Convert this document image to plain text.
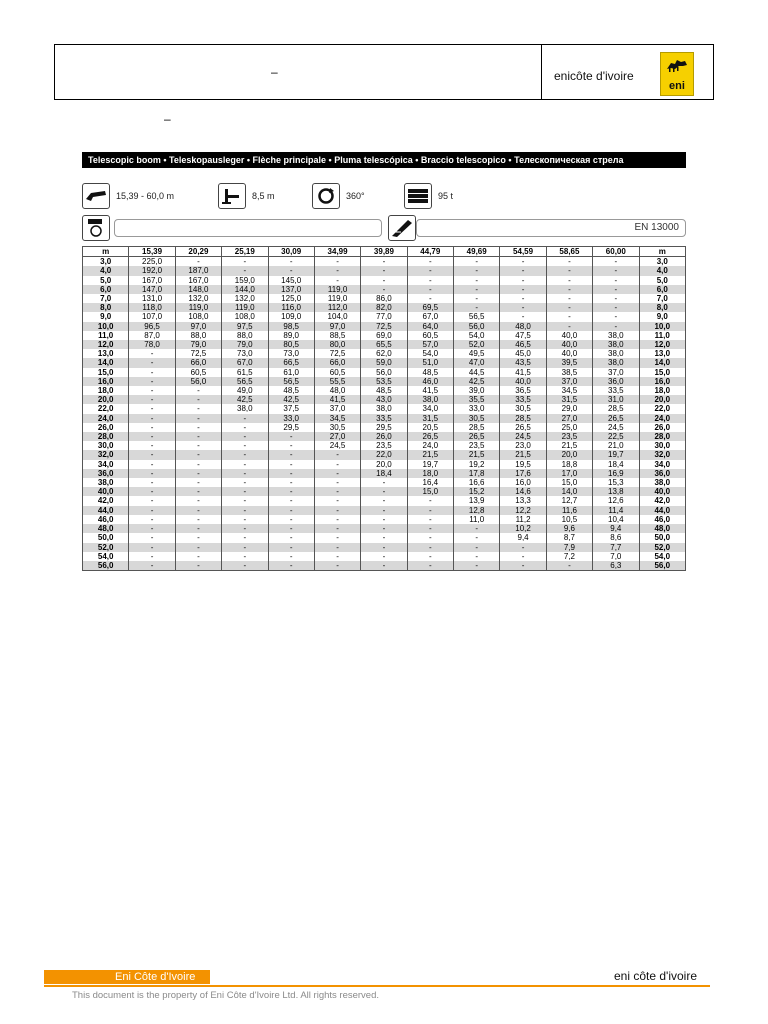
–	enicôte d'ivoire
eni
–
Telescopic boom • Teleskopausleger • Flèche principale • Pluma telescópica • Braccio telescopico • Телескопическая стрела
15,39 - 60,0 m	8,5 m	360°	95 t
EN 13000
m	15,39	20,29	25,19	30,09	34,99	39,89	44,79	49,69	54,59	58,65	60,00	m
3,0	225,0	-	-	-	-	-	-	-	-	-	-	3,0
4,0	192,0	187,0	-	-	-	-	-	-	-	-	-	4,0
5,0	167,0	167,0	159,0	145,0	-	-	-	-	-	-	-	5,0
6,0	147,0	148,0	144,0	137,0	119,0	-	-	-	-	-	-	6,0
7,0	131,0	132,0	132,0	125,0	119,0	86,0	-	-	-	-	-	7,0
8,0	118,0	119,0	119,0	116,0	112,0	82,0	69,5	-	-	-	-	8,0
9,0	107,0	108,0	108,0	109,0	104,0	77,0	67,0	56,5	-	-	-	9,0
10,0	96,5	97,0	97,5	98,5	97,0	72,5	64,0	56,0	48,0	-	-	10,0
11,0	87,0	88,0	88,0	89,0	88,5	69,0	60,5	54,0	47,5	40,0	38,0	11,0
12,0	78,0	79,0	79,0	80,5	80,0	65,5	57,0	52,0	46,5	40,0	38,0	12,0
13,0	-	72,5	73,0	73,0	72,5	62,0	54,0	49,5	45,0	40,0	38,0	13,0
14,0	-	66,0	67,0	66,5	66,0	59,0	51,0	47,0	43,5	39,5	38,0	14,0
15,0	-	60,5	61,5	61,0	60,5	56,0	48,5	44,5	41,5	38,5	37,0	15,0
16,0	-	56,0	56,5	56,5	55,5	53,5	46,0	42,5	40,0	37,0	36,0	16,0
18,0	-	-	49,0	48,5	48,0	48,5	41,5	39,0	36,5	34,5	33,5	18,0
20,0	-	-	42,5	42,5	41,5	43,0	38,0	35,5	33,5	31,5	31,0	20,0
22,0	-	-	38,0	37,5	37,0	38,0	34,0	33,0	30,5	29,0	28,5	22,0
24,0	-	-	-	33,0	34,5	33,5	31,5	30,5	28,5	27,0	26,5	24,0
26,0	-	-	-	29,5	30,5	29,5	20,5	28,5	26,5	25,0	24,5	26,0
28,0	-	-	-	-	27,0	26,0	26,5	26,5	24,5	23,5	22,5	28,0
30,0	-	-	-	-	24,5	23,5	24,0	23,5	23,0	21,5	21,0	30,0
32,0	-	-	-	-	-	22,0	21,5	21,5	21,5	20,0	19,7	32,0
34,0	-	-	-	-	-	20,0	19,7	19,2	19,5	18,8	18,4	34,0
36,0	-	-	-	-	-	18,4	18,0	17,8	17,6	17,0	16,9	36,0
38,0	-	-	-	-	-	-	16,4	16,6	16,0	15,0	15,3	38,0
40,0	-	-	-	-	-	-	15,0	15,2	14,6	14,0	13,8	40,0
42,0	-	-	-	-	-	-	-	13,9	13,3	12,7	12,6	42,0
44,0	-	-	-	-	-	-	-	12,8	12,2	11,6	11,4	44,0
46,0	-	-	-	-	-	-	-	11,0	11,2	10,5	10,4	46,0
48,0	-	-	-	-	-	-	-	-	10,2	9,6	9,4	48,0
50,0	-	-	-	-	-	-	-	-	9,4	8,7	8,6	50,0
52,0	-	-	-	-	-	-	-	-	-	7,9	7,7	52,0
54,0	-	-	-	-	-	-	-	-	-	7,2	7,0	54,0
56,0	-	-	-	-	-	-	-	-	-	-	6,3	56,0
Eni Côte d'Ivoire	eni côte d'ivoire
This document is the property of Eni Côte d'Ivoire Ltd. All rights reserved.
